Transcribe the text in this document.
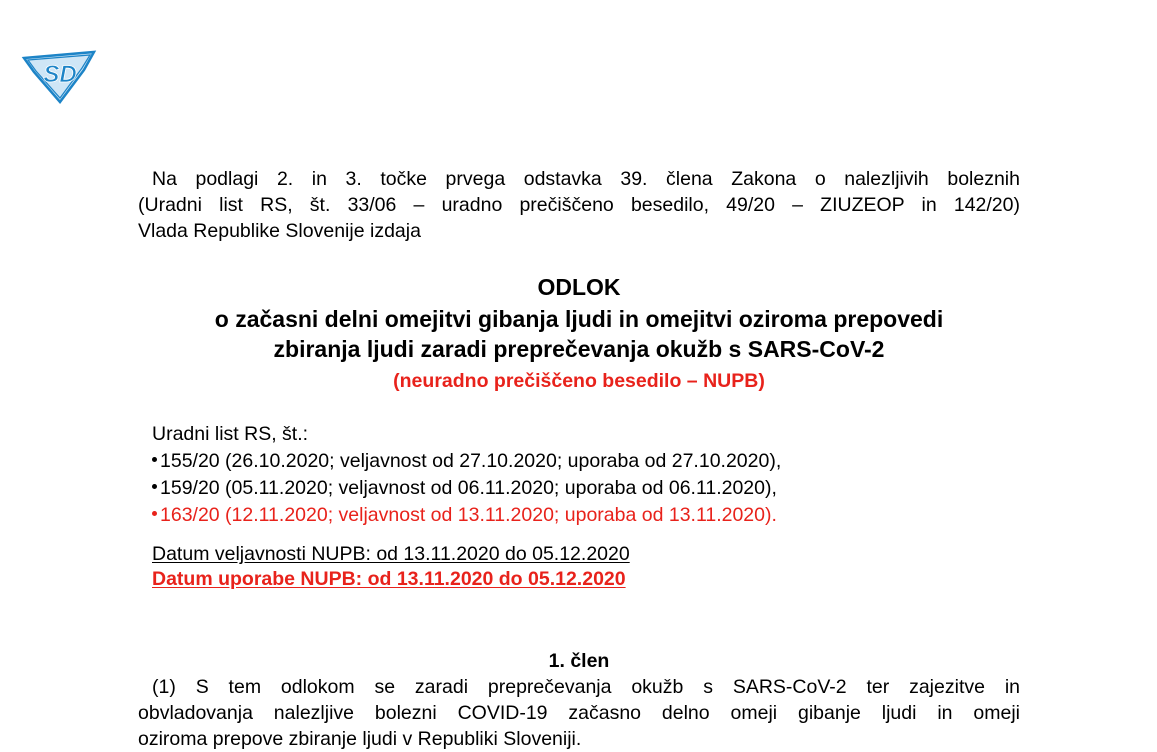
SD
Na podlagi 2. in 3. točke prvega odstavka 39. člena Zakona o nalezljivih boleznih
(Uradni list RS, št. 33/06 – uradno prečiščeno besedilo, 49/20 – ZIUZEOP in 142/20)
Vlada Republike Slovenije izdaja
ODLOK
o začasni delni omejitvi gibanja ljudi in omejitvi oziroma prepovedi
zbiranja ljudi zaradi preprečevanja okužb s SARS-CoV-2
(neuradno prečiščeno besedilo – NUPB)
Uradni list RS, št.:
155/20 (26.10.2020; veljavnost od 27.10.2020; uporaba od 27.10.2020),
159/20 (05.11.2020; veljavnost od 06.11.2020; uporaba od 06.11.2020),
163/20 (12.11.2020; veljavnost od 13.11.2020; uporaba od 13.11.2020).
Datum veljavnosti NUPB: od 13.11.2020 do 05.12.2020
Datum uporabe NUPB: od 13.11.2020 do 05.12.2020
1. člen
(1) S tem odlokom se zaradi preprečevanja okužb s SARS-CoV-2 ter zajezitve in
obvladovanja nalezljive bolezni COVID-19 začasno delno omeji gibanje ljudi in omeji
oziroma prepove zbiranje ljudi v Republiki Sloveniji.
